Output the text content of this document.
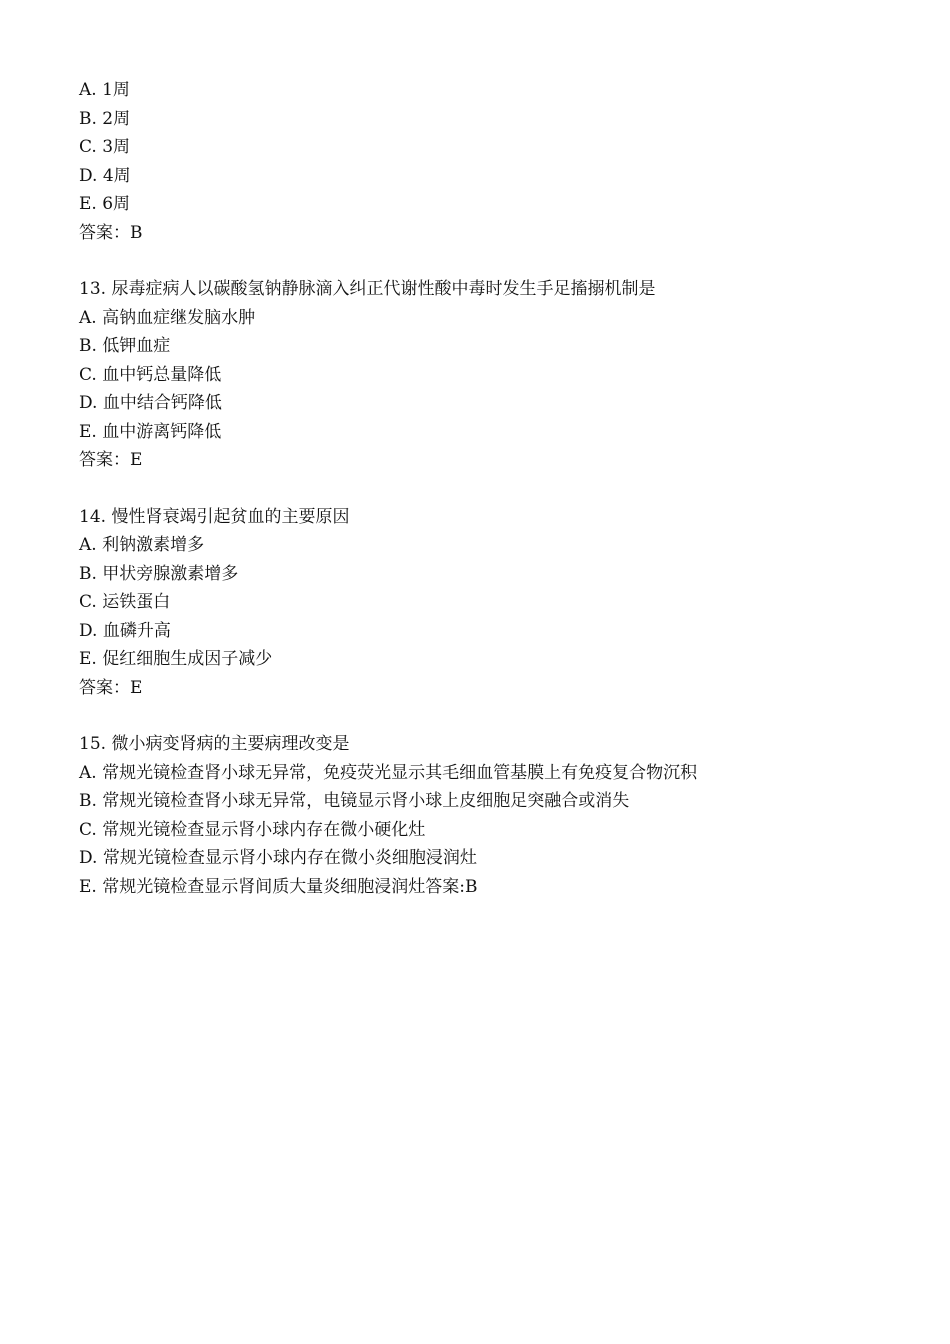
A. 1周
B. 2周
C. 3周
D. 4周
E. 6周
答案：B
13. 尿毒症病人以碳酸氢钠静脉滴入纠正代谢性酸中毒时发生手足搐搦机制是
A. 高钠血症继发脑水肿
B. 低钾血症
C. 血中钙总量降低
D. 血中结合钙降低
E. 血中游离钙降低
答案：E
14. 慢性肾衰竭引起贫血的主要原因
A. 利钠激素增多
B. 甲状旁腺激素增多
C. 运铁蛋白
D. 血磷升高
E. 促红细胞生成因子减少
答案：E
15. 微小病变肾病的主要病理改变是
A. 常规光镜检查肾小球无异常，免疫荧光显示其毛细血管基膜上有免疫复合物沉积
B. 常规光镜检查肾小球无异常，电镜显示肾小球上皮细胞足突融合或消失
C. 常规光镜检查显示肾小球内存在微小硬化灶
D. 常规光镜检查显示肾小球内存在微小炎细胞浸润灶
E. 常规光镜检查显示肾间质大量炎细胞浸润灶答案:B
